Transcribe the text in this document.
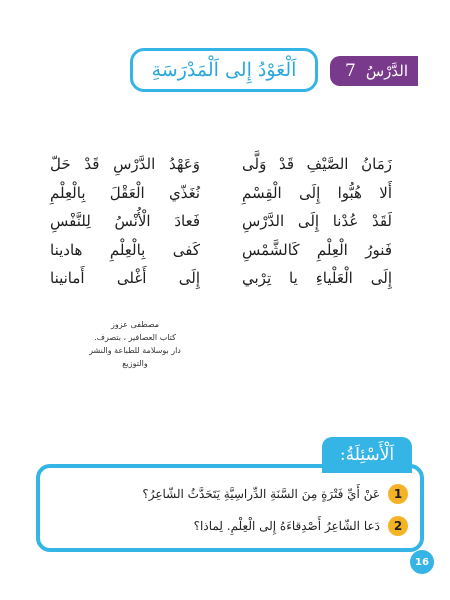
الدَّرْسُ
7
اَلْعَوْدُ إِلى اَلْمَدْرَسَةِ
زَمَانُ الصَّيْفِ قَدْ وَلَّى
أَلا هُبُّوا إِلَى الْقِسْمِ
لَقَدْ عُدْنا إِلَى الدَّرْسِ
فَنورُ الْعِلْمِ كَالشَّمْسِ
إِلَى الْعَلْياءِ يا تِرْبي
وَعَهْدُ الدَّرْسِ قَدْ حَلّ
نُغَذّي الْعَقْلَ بِالْعِلْمِ
فَعادَ الْأُنْسُ لِلنَّفْسِ
كَفى بِالْعِلْمِ هادينا
إِلَى أَغْلى أَمانينا
مصطفى عزوز
كتاب العصافير ، بتصرف.
دار بوسلامة للطباعة والنشر والتوزيع
1
عَنْ أَيِّ فَتْرَةٍ مِنَ السَّنَةِ الدِّراسِيَّةِ يَتَحَدَّثُ الشّاعِرُ؟
2
دَعا الشّاعِرُ أَصْدِقاءَهُ إِلى الْعِلْمِ. لِماذا؟
اَلْأَسْئِلَةُ:
16
